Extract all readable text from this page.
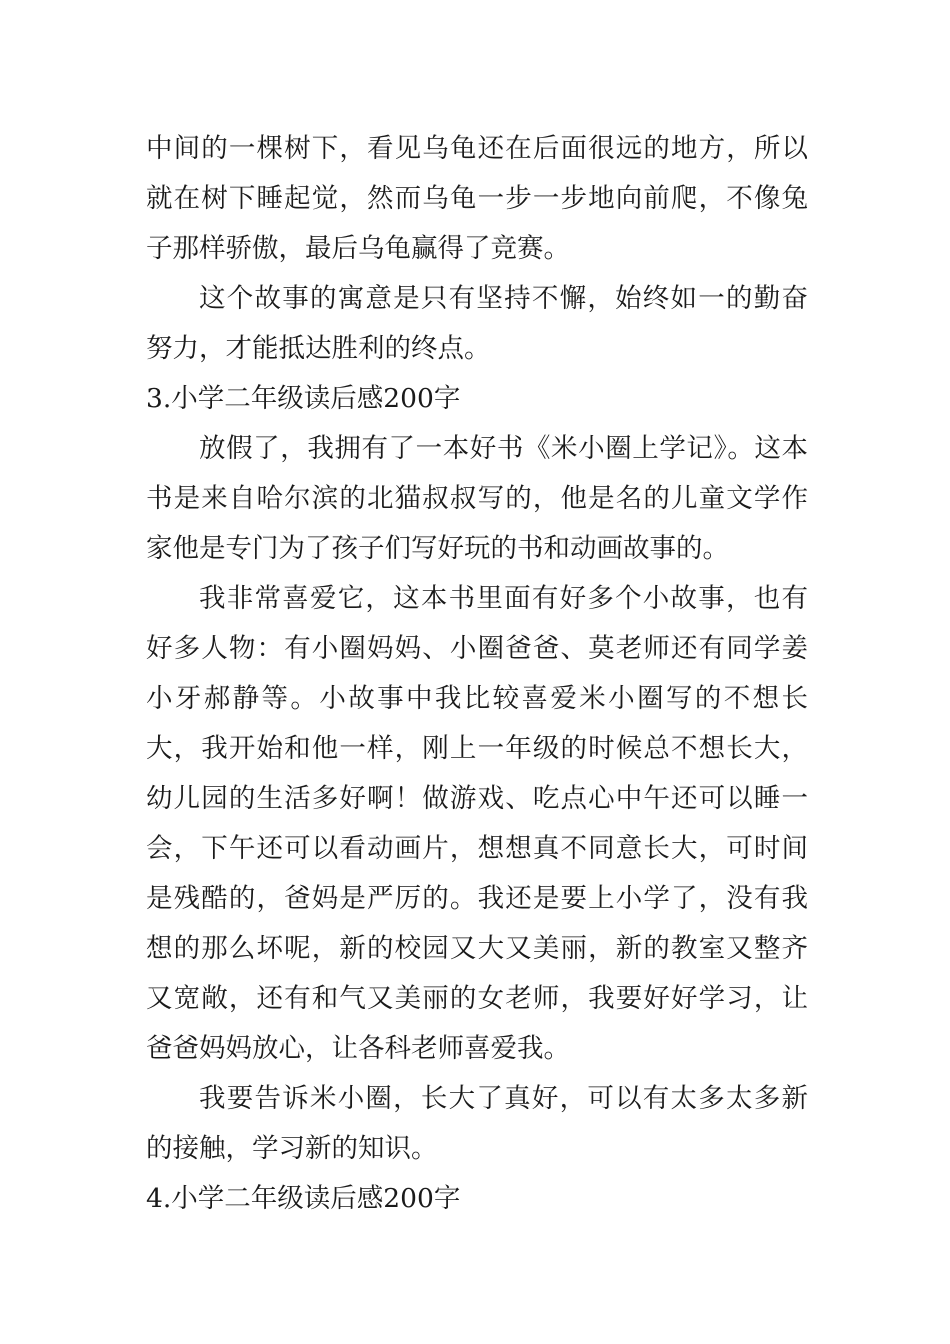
中间的一棵树下，看见乌龟还在后面很远的地方，所以就在树下睡起觉，然而乌龟一步一步地向前爬，不像兔子那样骄傲，最后乌龟赢得了竞赛。

这个故事的寓意是只有坚持不懈，始终如一的勤奋努力，才能抵达胜利的终点。

3.小学二年级读后感200字

放假了，我拥有了一本好书《米小圈上学记》。这本书是来自哈尔滨的北猫叔叔写的，他是名的儿童文学作家他是专门为了孩子们写好玩的书和动画故事的。

我非常喜爱它，这本书里面有好多个小故事，也有好多人物：有小圈妈妈、小圈爸爸、莫老师还有同学姜小牙郝静等。小故事中我比较喜爱米小圈写的不想长大，我开始和他一样，刚上一年级的时候总不想长大，幼儿园的生活多好啊！做游戏、吃点心中午还可以睡一会，下午还可以看动画片，想想真不同意长大，可时间是残酷的，爸妈是严厉的。我还是要上小学了，没有我想的那么坏呢，新的校园又大又美丽，新的教室又整齐又宽敞，还有和气又美丽的女老师，我要好好学习，让爸爸妈妈放心，让各科老师喜爱我。

我要告诉米小圈，长大了真好，可以有太多太多新的接触，学习新的知识。

4.小学二年级读后感200字
